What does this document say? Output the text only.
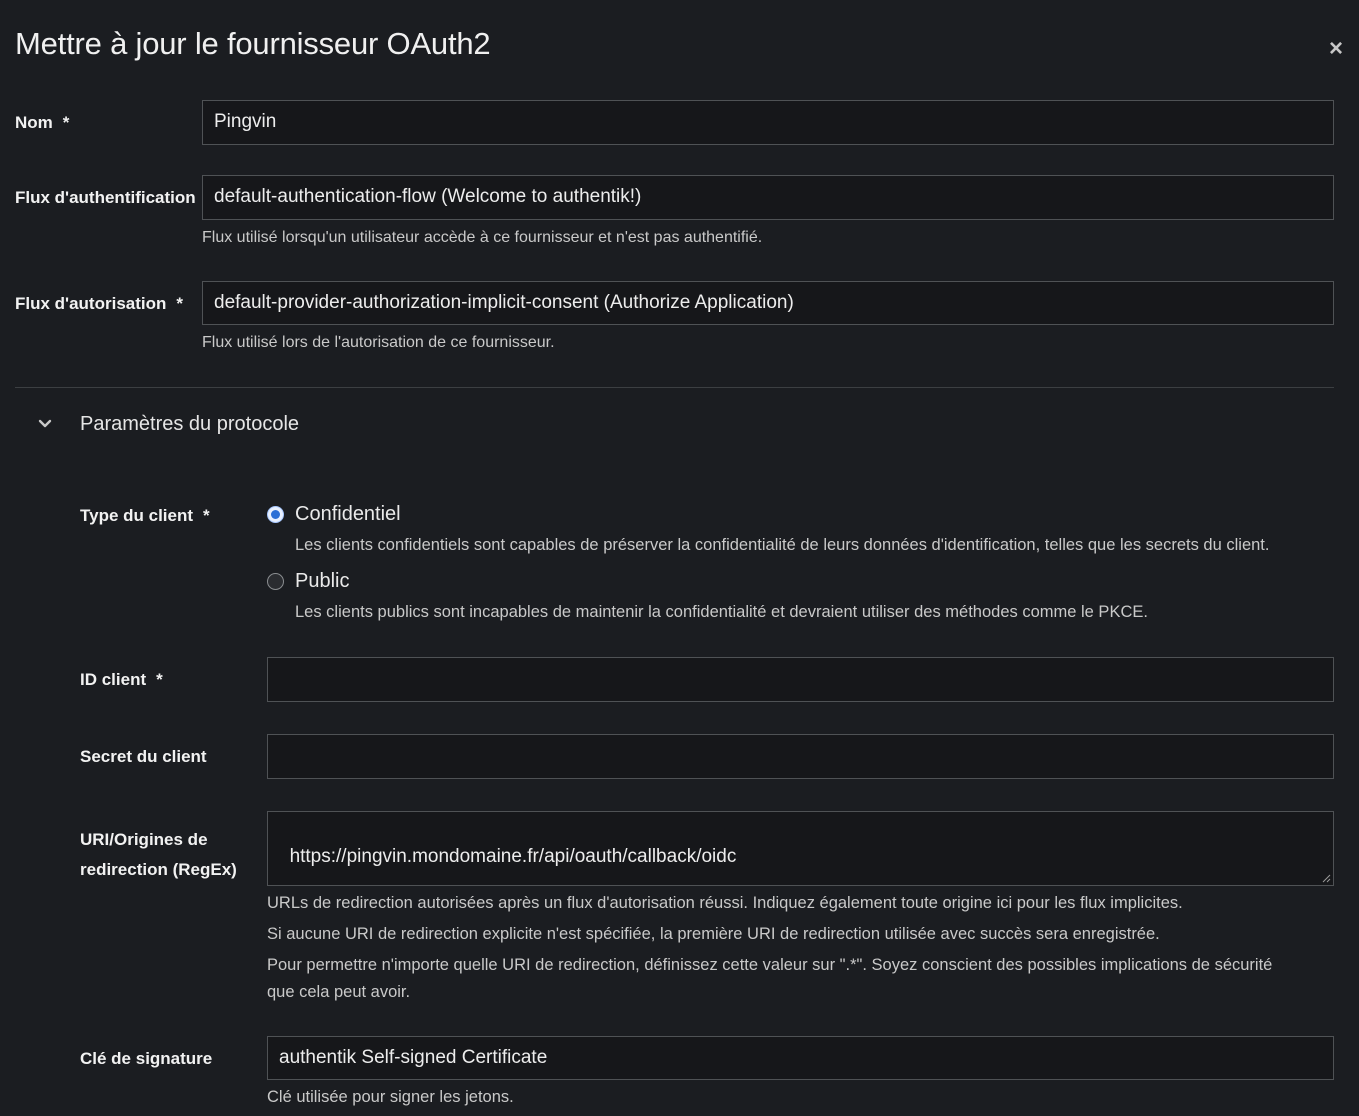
Mettre à jour le fournisseur OAuth2	×
Nom *	Pingvin
Flux d'authentification default-authentication-flow (Welcome to authentik!)
Flux utilisé lorsqu'un utilisateur accède à ce fournisseur et n'est pas authentifié.
Flux d'autorisation *	default-provider-authorization-implicit-consent (Authorize Application)
Flux utilisé lors de l'autorisation de ce fournisseur.
Paramètres du protocole
Type du client *	Confidentiel
Les clients confidentiels sont capables de préserver la confidentialité de leurs données d'identification, telles que les secrets du client.
Public
Les clients publics sont incapables de maintenir la confidentialité et devraient utiliser des méthodes comme le PKCE.
ID client *
Secret du client
URI/Origines de
redirection (RegEx)

https://pingvin.mondomaine.fr/api/oauth/callback/oidc

URLs de redirection autorisées après un flux d'autorisation réussi. Indiquez également toute origine ici pour les flux implicites.
Si aucune URI de redirection explicite n'est spécifiée, la première URI de redirection utilisée avec succès sera enregistrée.
Pour permettre n'importe quelle URI de redirection, définissez cette valeur sur ".*". Soyez conscient des possibles implications de sécurité
que cela peut avoir.
Clé de signature	authentik Self-signed Certificate
Clé utilisée pour signer les jetons.
